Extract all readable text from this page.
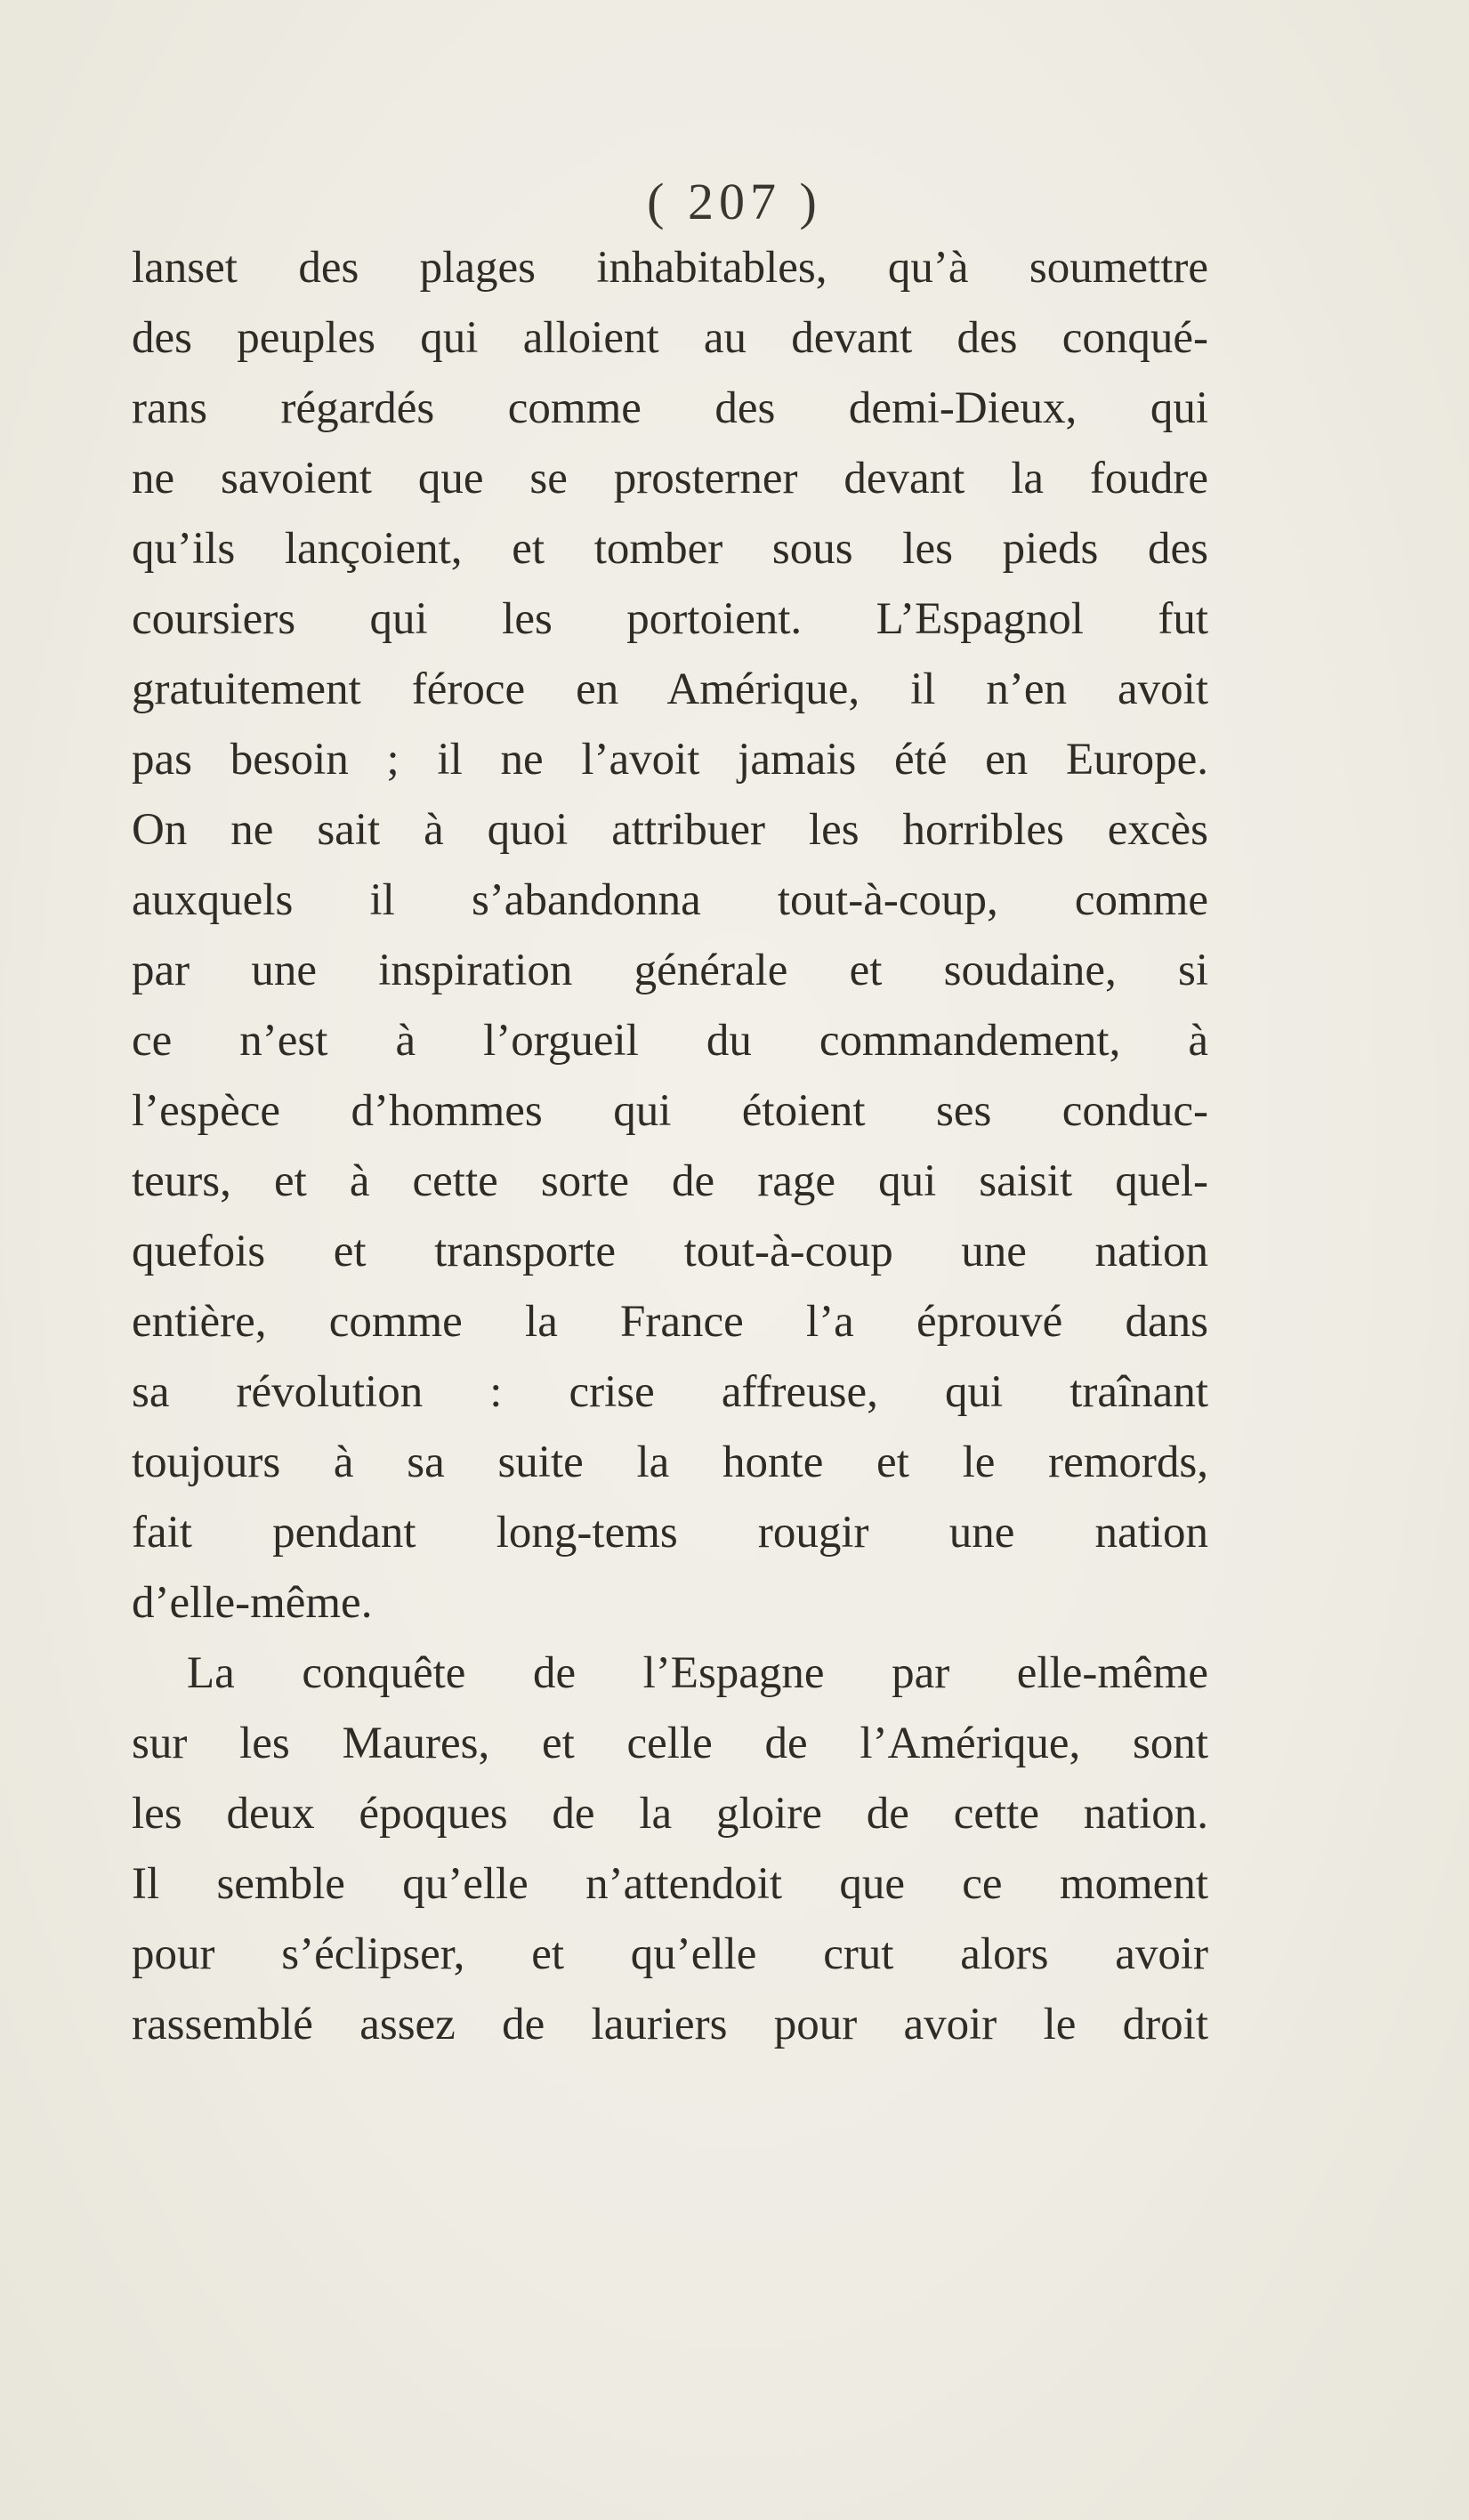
( 207 )
lanset des plages inhabitables, qu’à soumettre
des peuples qui alloient au devant des conqué-
rans régardés comme des demi-Dieux, qui
ne savoient que se prosterner devant la foudre
qu’ils lançoient, et tomber sous les pieds des
coursiers qui les portoient. L’Espagnol fut
gratuitement féroce en Amérique, il n’en avoit
pas besoin ; il ne l’avoit jamais été en Europe.
On ne sait à quoi attribuer les horribles excès
auxquels il s’abandonna tout-à-coup, comme
par une inspiration générale et soudaine, si
ce n’est à l’orgueil du commandement, à
l’espèce d’hommes qui étoient ses conduc-
teurs, et à cette sorte de rage qui saisit quel-
quefois et transporte tout-à-coup une nation
entière, comme la France l’a éprouvé dans
sa révolution : crise affreuse, qui traînant
toujours à sa suite la honte et le remords,
fait pendant long-tems rougir une nation
d’elle-même.
La conquête de l’Espagne par elle-même
sur les Maures, et celle de l’Amérique, sont
les deux époques de la gloire de cette nation.
Il semble qu’elle n’attendoit que ce moment
pour s’éclipser, et qu’elle crut alors avoir
rassemblé assez de lauriers pour avoir le droit
